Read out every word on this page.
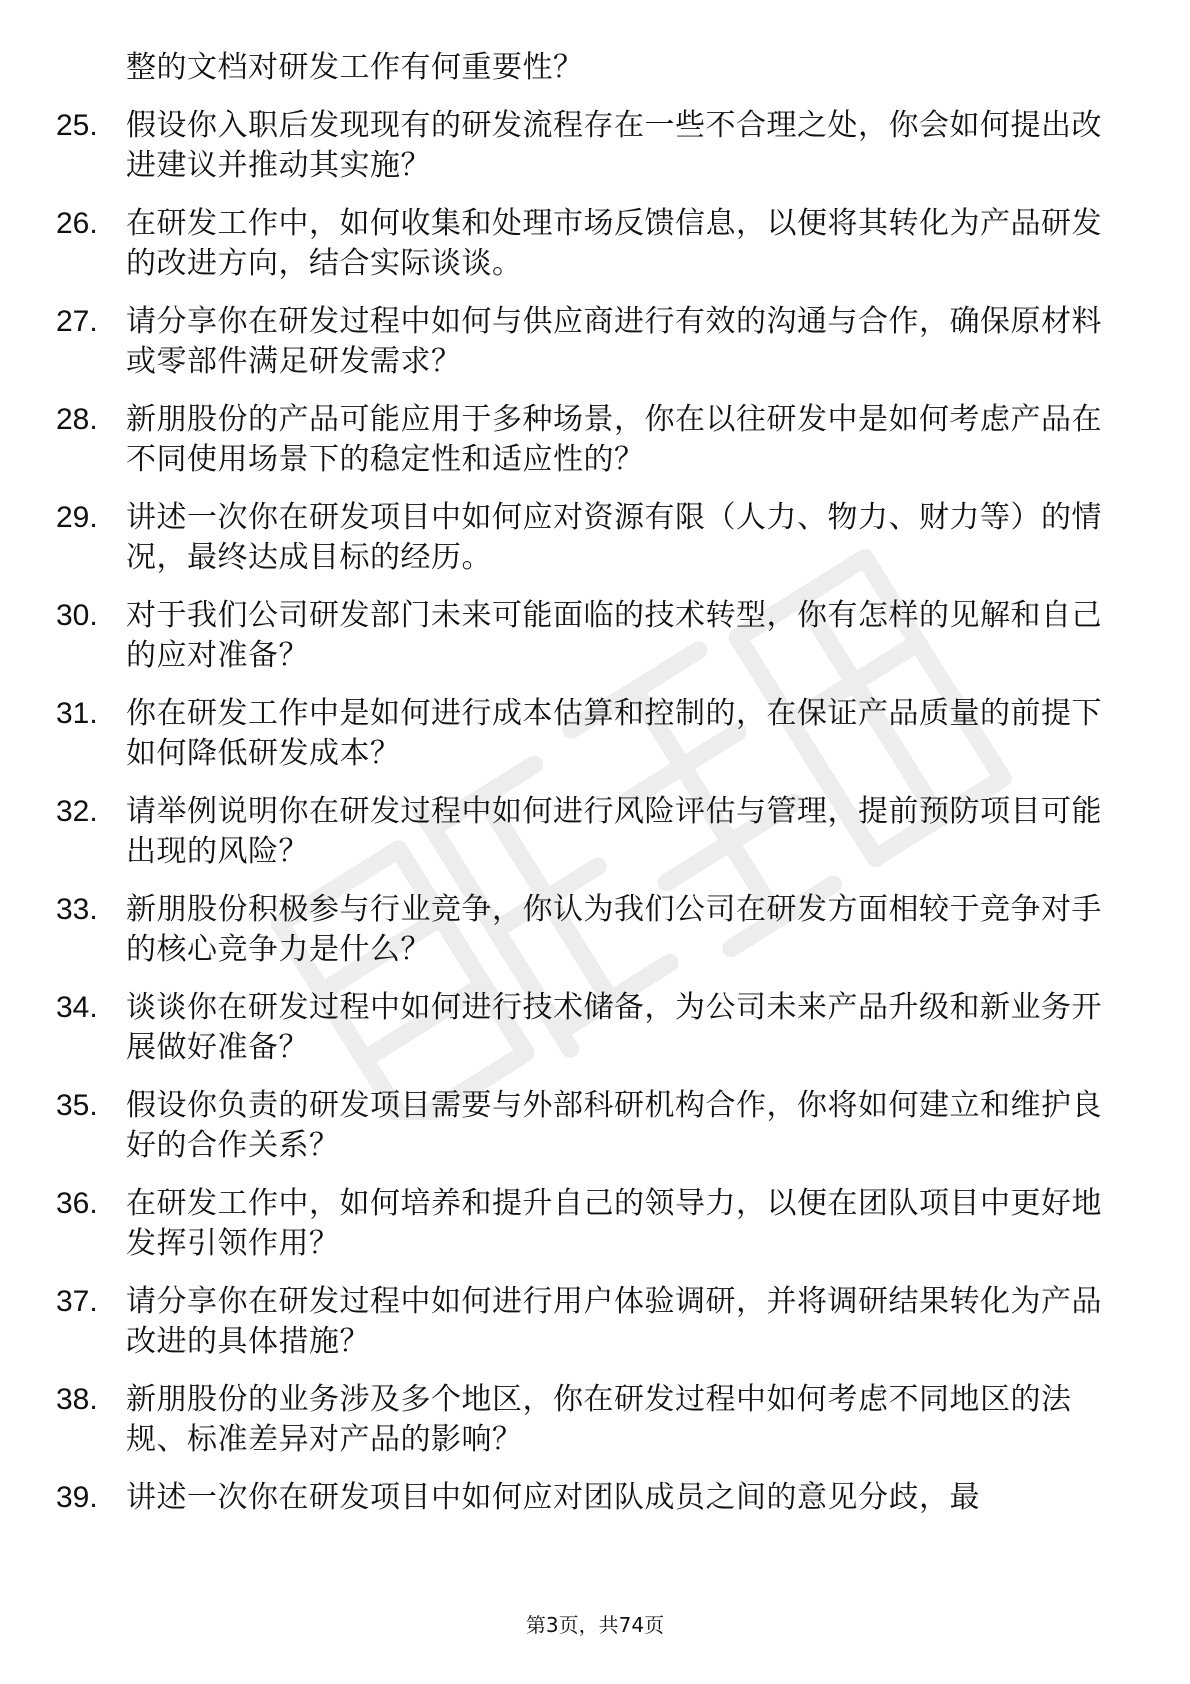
整的文档对研发工作有何重要性？
25. 假设你入职后发现现有的研发流程存在一些不合理之处，你会如何提出改进建议并推动其实施？
26. 在研发工作中，如何收集和处理市场反馈信息，以便将其转化为产品研发的改进方向，结合实际谈谈。
27. 请分享你在研发过程中如何与供应商进行有效的沟通与合作，确保原材料或零部件满足研发需求？
28. 新朋股份的产品可能应用于多种场景，你在以往研发中是如何考虑产品在不同使用场景下的稳定性和适应性的？
29. 讲述一次你在研发项目中如何应对资源有限（人力、物力、财力等）的情况，最终达成目标的经历。
30. 对于我们公司研发部门未来可能面临的技术转型，你有怎样的见解和自己的应对准备？
31. 你在研发工作中是如何进行成本估算和控制的，在保证产品质量的前提下如何降低研发成本？
32. 请举例说明你在研发过程中如何进行风险评估与管理，提前预防项目可能出现的风险？
33. 新朋股份积极参与行业竞争，你认为我们公司在研发方面相较于竞争对手的核心竞争力是什么？
34. 谈谈你在研发过程中如何进行技术储备，为公司未来产品升级和新业务开展做好准备？
35. 假设你负责的研发项目需要与外部科研机构合作，你将如何建立和维护良好的合作关系？
36. 在研发工作中，如何培养和提升自己的领导力，以便在团队项目中更好地发挥引领作用？
37. 请分享你在研发过程中如何进行用户体验调研，并将调研结果转化为产品改进的具体措施？
38. 新朋股份的业务涉及多个地区，你在研发过程中如何考虑不同地区的法规、标准差异对产品的影响？
39. 讲述一次你在研发项目中如何应对团队成员之间的意见分歧，最
第3页，共74页
